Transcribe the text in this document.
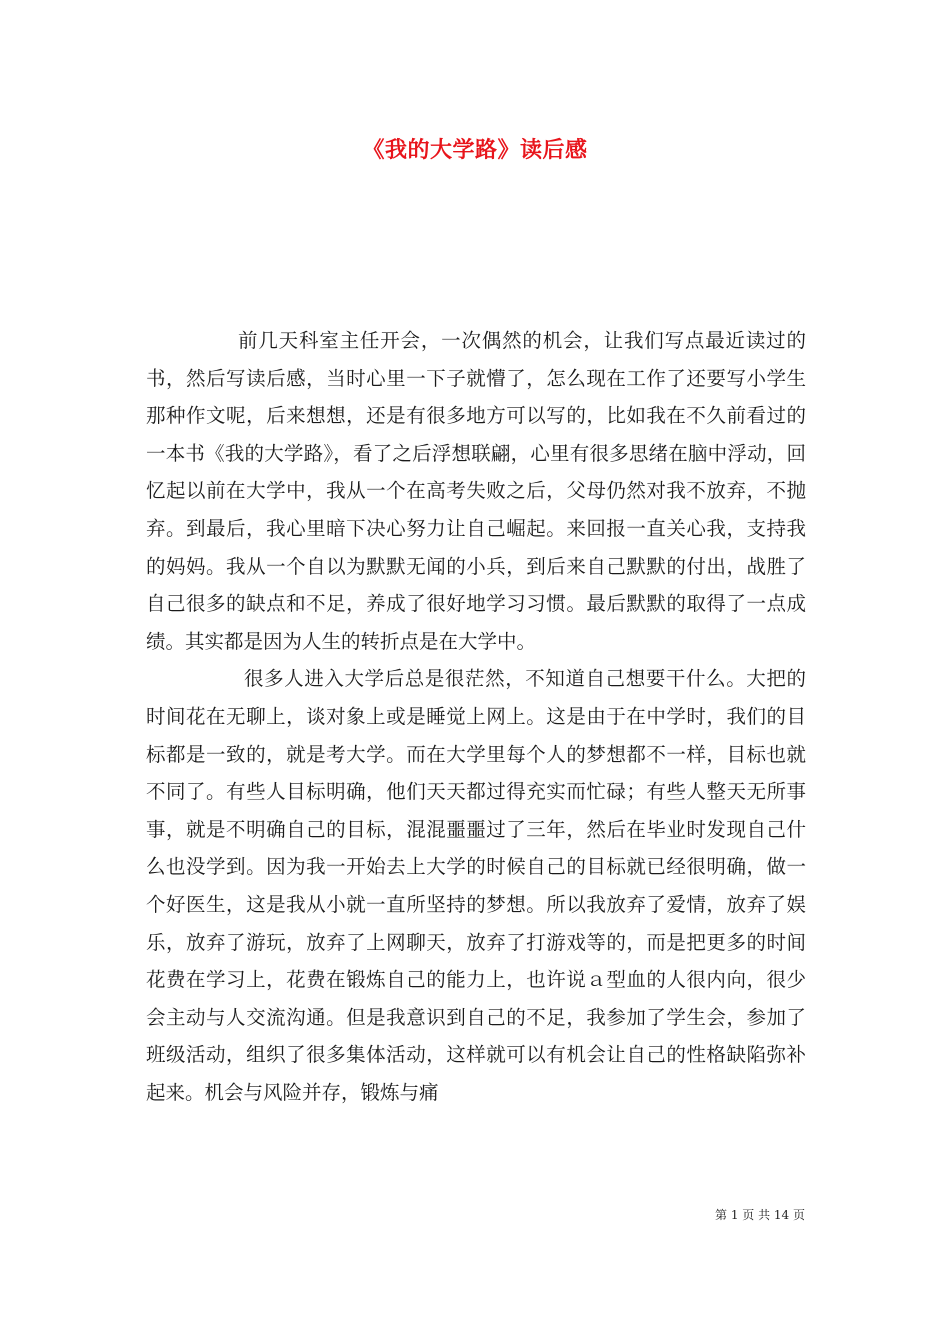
《我的大学路》读后感

前几天科室主任开会，一次偶然的机会，让我们写点最近读过的书，然后写读后感，当时心里一下子就懵了，怎么现在工作了还要写小学生那种作文呢，后来想想，还是有很多地方可以写的，比如我在不久前看过的一本书《我的大学路》，看了之后浮想联翩，心里有很多思绪在脑中浮动，回忆起以前在大学中，我从一个在高考失败之后，父母仍然对我不放弃，不抛弃。到最后，我心里暗下决心努力让自己崛起。来回报一直关心我，支持我的妈妈。我从一个自以为默默无闻的小兵，到后来自己默默的付出，战胜了自己很多的缺点和不足，养成了很好地学习习惯。最后默默的取得了一点成绩。其实都是因为人生的转折点是在大学中。

很多人进入大学后总是很茫然，不知道自己想要干什么。大把的时间花在无聊上，谈对象上或是睡觉上网上。这是由于在中学时，我们的目标都是一致的，就是考大学。而在大学里每个人的梦想都不一样，目标也就不同了。有些人目标明确，他们天天都过得充实而忙碌；有些人整天无所事事，就是不明确自己的目标，混混噩噩过了三年，然后在毕业时发现自己什么也没学到。因为我一开始去上大学的时候自己的目标就已经很明确，做一个好医生，这是我从小就一直所坚持的梦想。所以我放弃了爱情，放弃了娱乐，放弃了游玩，放弃了上网聊天，放弃了打游戏等的，而是把更多的时间花费在学习上，花费在锻炼自己的能力上，也许说ａ型血的人很内向，很少会主动与人交流沟通。但是我意识到自己的不足，我参加了学生会，参加了班级活动，组织了很多集体活动，这样就可以有机会让自己的性格缺陷弥补起来。机会与风险并存，锻炼与痛

第 1 页 共 14 页
